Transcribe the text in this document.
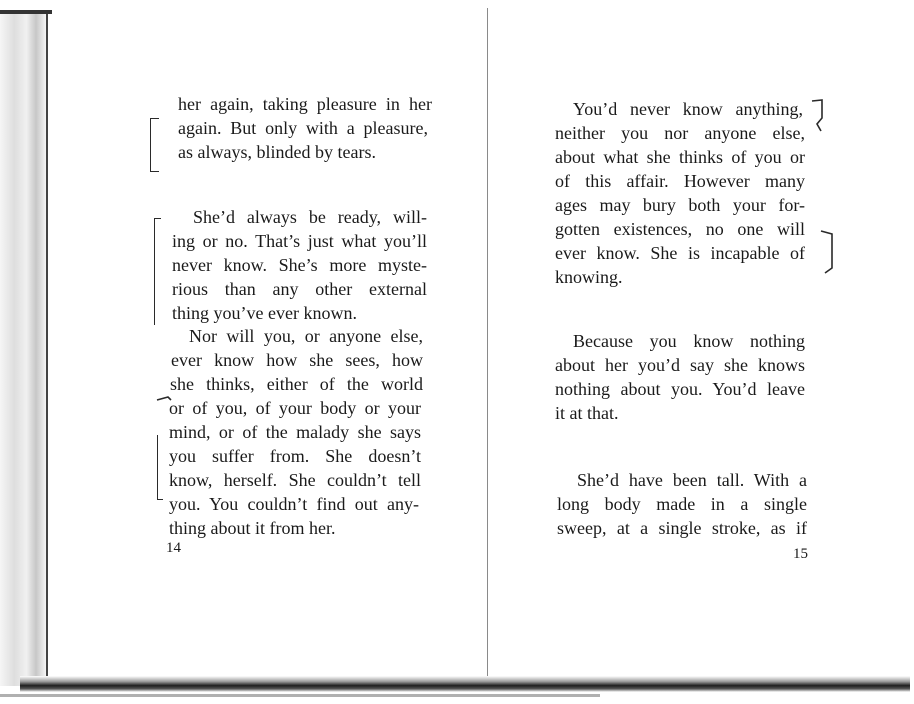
her again, taking pleasure in her
again. But only with a pleasure,
as always, blinded by tears.
She’d always be ready, will-
ing or no. That’s just what you’ll
never know. She’s more myste-
rious than any other external
thing you’ve ever known.
Nor will you, or anyone else,
ever know how she sees, how
she thinks, either of the world
or of you, of your body or your
mind, or of the malady she says
you suffer from. She doesn’t
know, herself. She couldn’t tell
you. You couldn’t find out any-
thing about it from her.
14
You’d never know anything,
neither you nor anyone else,
about what she thinks of you or
of this affair. However many
ages may bury both your for-
gotten existences, no one will
ever know. She is incapable of
knowing.
Because you know nothing
about her you’d say she knows
nothing about you. You’d leave
it at that.
She’d have been tall. With a
long body made in a single
sweep, at a single stroke, as if
15
